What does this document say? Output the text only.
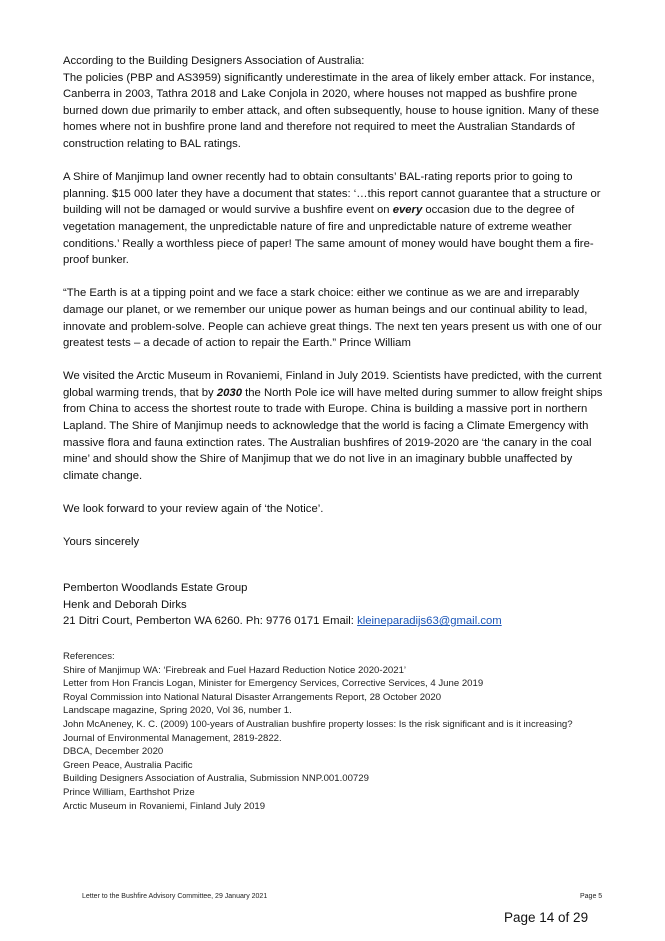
According to the Building Designers Association of Australia:
The policies (PBP and AS3959) significantly underestimate in the area of likely ember attack. For instance, Canberra in 2003, Tathra 2018 and Lake Conjola in 2020, where houses not mapped as bushfire prone burned down due primarily to ember attack, and often subsequently, house to house ignition. Many of these homes where not in bushfire prone land and therefore not required to meet the Australian Standards of construction relating to BAL ratings.

A Shire of Manjimup land owner recently had to obtain consultants’ BAL-rating reports prior to going to planning. $15 000 later they have a document that states: ‘…this report cannot guarantee that a structure or building will not be damaged or would survive a bushfire event on every occasion due to the degree of vegetation management, the unpredictable nature of fire and unpredictable nature of extreme weather conditions.’ Really a worthless piece of paper! The same amount of money would have bought them a fire-proof bunker.

“The Earth is at a tipping point and we face a stark choice: either we continue as we are and irreparably damage our planet, or we remember our unique power as human beings and our continual ability to lead, innovate and problem-solve. People can achieve great things. The next ten years present us with one of our greatest tests – a decade of action to repair the Earth.” Prince William

We visited the Arctic Museum in Rovaniemi, Finland in July 2019. Scientists have predicted, with the current global warming trends, that by 2030 the North Pole ice will have melted during summer to allow freight ships from China to access the shortest route to trade with Europe. China is building a massive port in northern Lapland. The Shire of Manjimup needs to acknowledge that the world is facing a Climate Emergency with massive flora and fauna extinction rates. The Australian bushfires of 2019-2020 are ‘the canary in the coal mine’ and should show the Shire of Manjimup that we do not live in an imaginary bubble unaffected by climate change.

We look forward to your review again of ‘the Notice’.

Yours sincerely

Pemberton Woodlands Estate Group

Henk and Deborah Dirks

21 Ditri Court, Pemberton WA 6260. Ph: 9776 0171 Email: kleineparadijs63@gmail.com

References:

Shire of Manjimup WA: ‘Firebreak and Fuel Hazard Reduction Notice 2020-2021’

Letter from Hon Francis Logan, Minister for Emergency Services, Corrective Services, 4 June 2019

Royal Commission into National Natural Disaster Arrangements Report, 28 October 2020

Landscape magazine, Spring 2020, Vol 36, number 1.

John McAneney, K. C. (2009) 100-years of Australian bushfire property losses: Is the risk significant and is it increasing?

Journal of Environmental Management, 2819-2822.

DBCA, December 2020

Green Peace, Australia Pacific

Building Designers Association of Australia, Submission NNP.001.00729

Prince William, Earthshot Prize

Arctic Museum in Rovaniemi, Finland July 2019

Letter to the Bushfire Advisory Committee, 29 January 2021	Page 5
Page 14 of 29
